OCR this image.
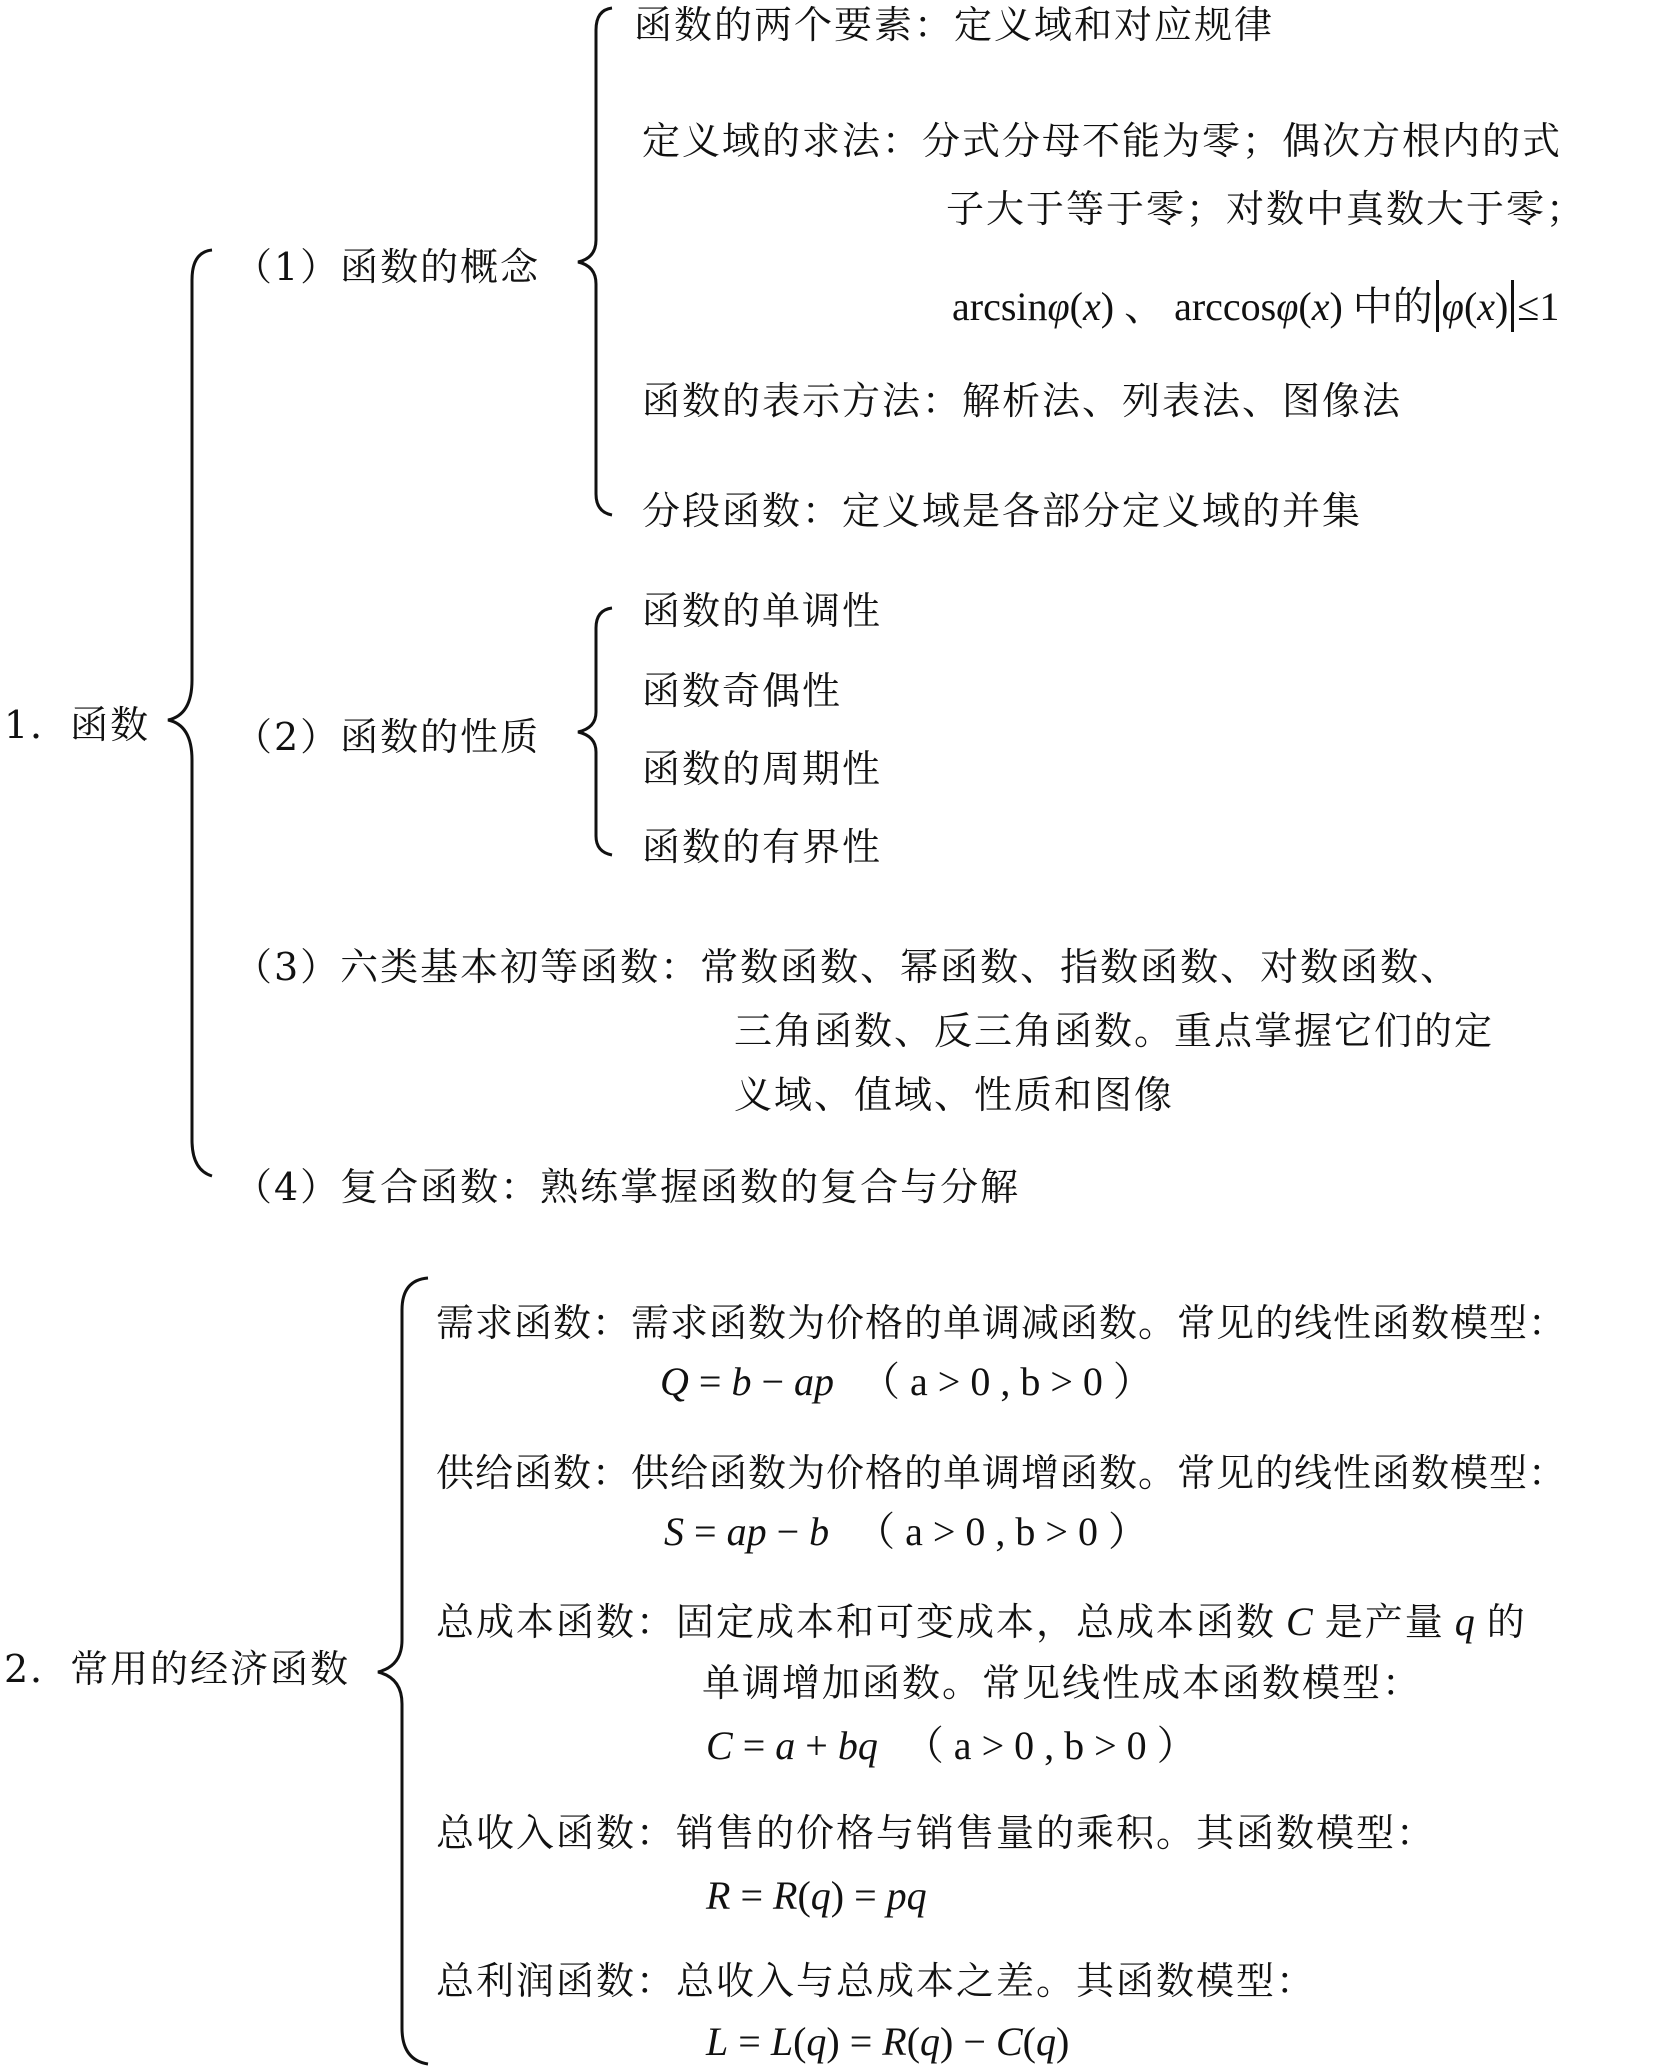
1．函数
（1）函数的概念
函数的两个要素：定义域和对应规律
定义域的求法：分式分母不能为零；偶次方根内的式
子大于等于零；对数中真数大于零；
arcsinφ(x) 、 arccosφ(x) 中的 φ(x) ≤1
函数的表示方法：解析法、列表法、图像法
分段函数：定义域是各部分定义域的并集
（2）函数的性质
函数的单调性
函数奇偶性
函数的周期性
函数的有界性
（3）六类基本初等函数：常数函数、幂函数、指数函数、对数函数、
三角函数、反三角函数。重点掌握它们的定
义域、值域、性质和图像
（4）复合函数：熟练掌握函数的复合与分解
2．常用的经济函数
需求函数：需求函数为价格的单调减函数。常见的线性函数模型：
Q = b − ap （ a > 0 , b > 0 ）
供给函数：供给函数为价格的单调增函数。常见的线性函数模型：
S = ap − b （ a > 0 , b > 0 ）
总成本函数：固定成本和可变成本，总成本函数 C 是产量 q 的
单调增加函数。常见线性成本函数模型：
C = a + bq （ a > 0 , b > 0 ）
总收入函数：销售的价格与销售量的乘积。其函数模型：
R = R(q) = pq
总利润函数：总收入与总成本之差。其函数模型：
L = L(q) = R(q) − C(q)
